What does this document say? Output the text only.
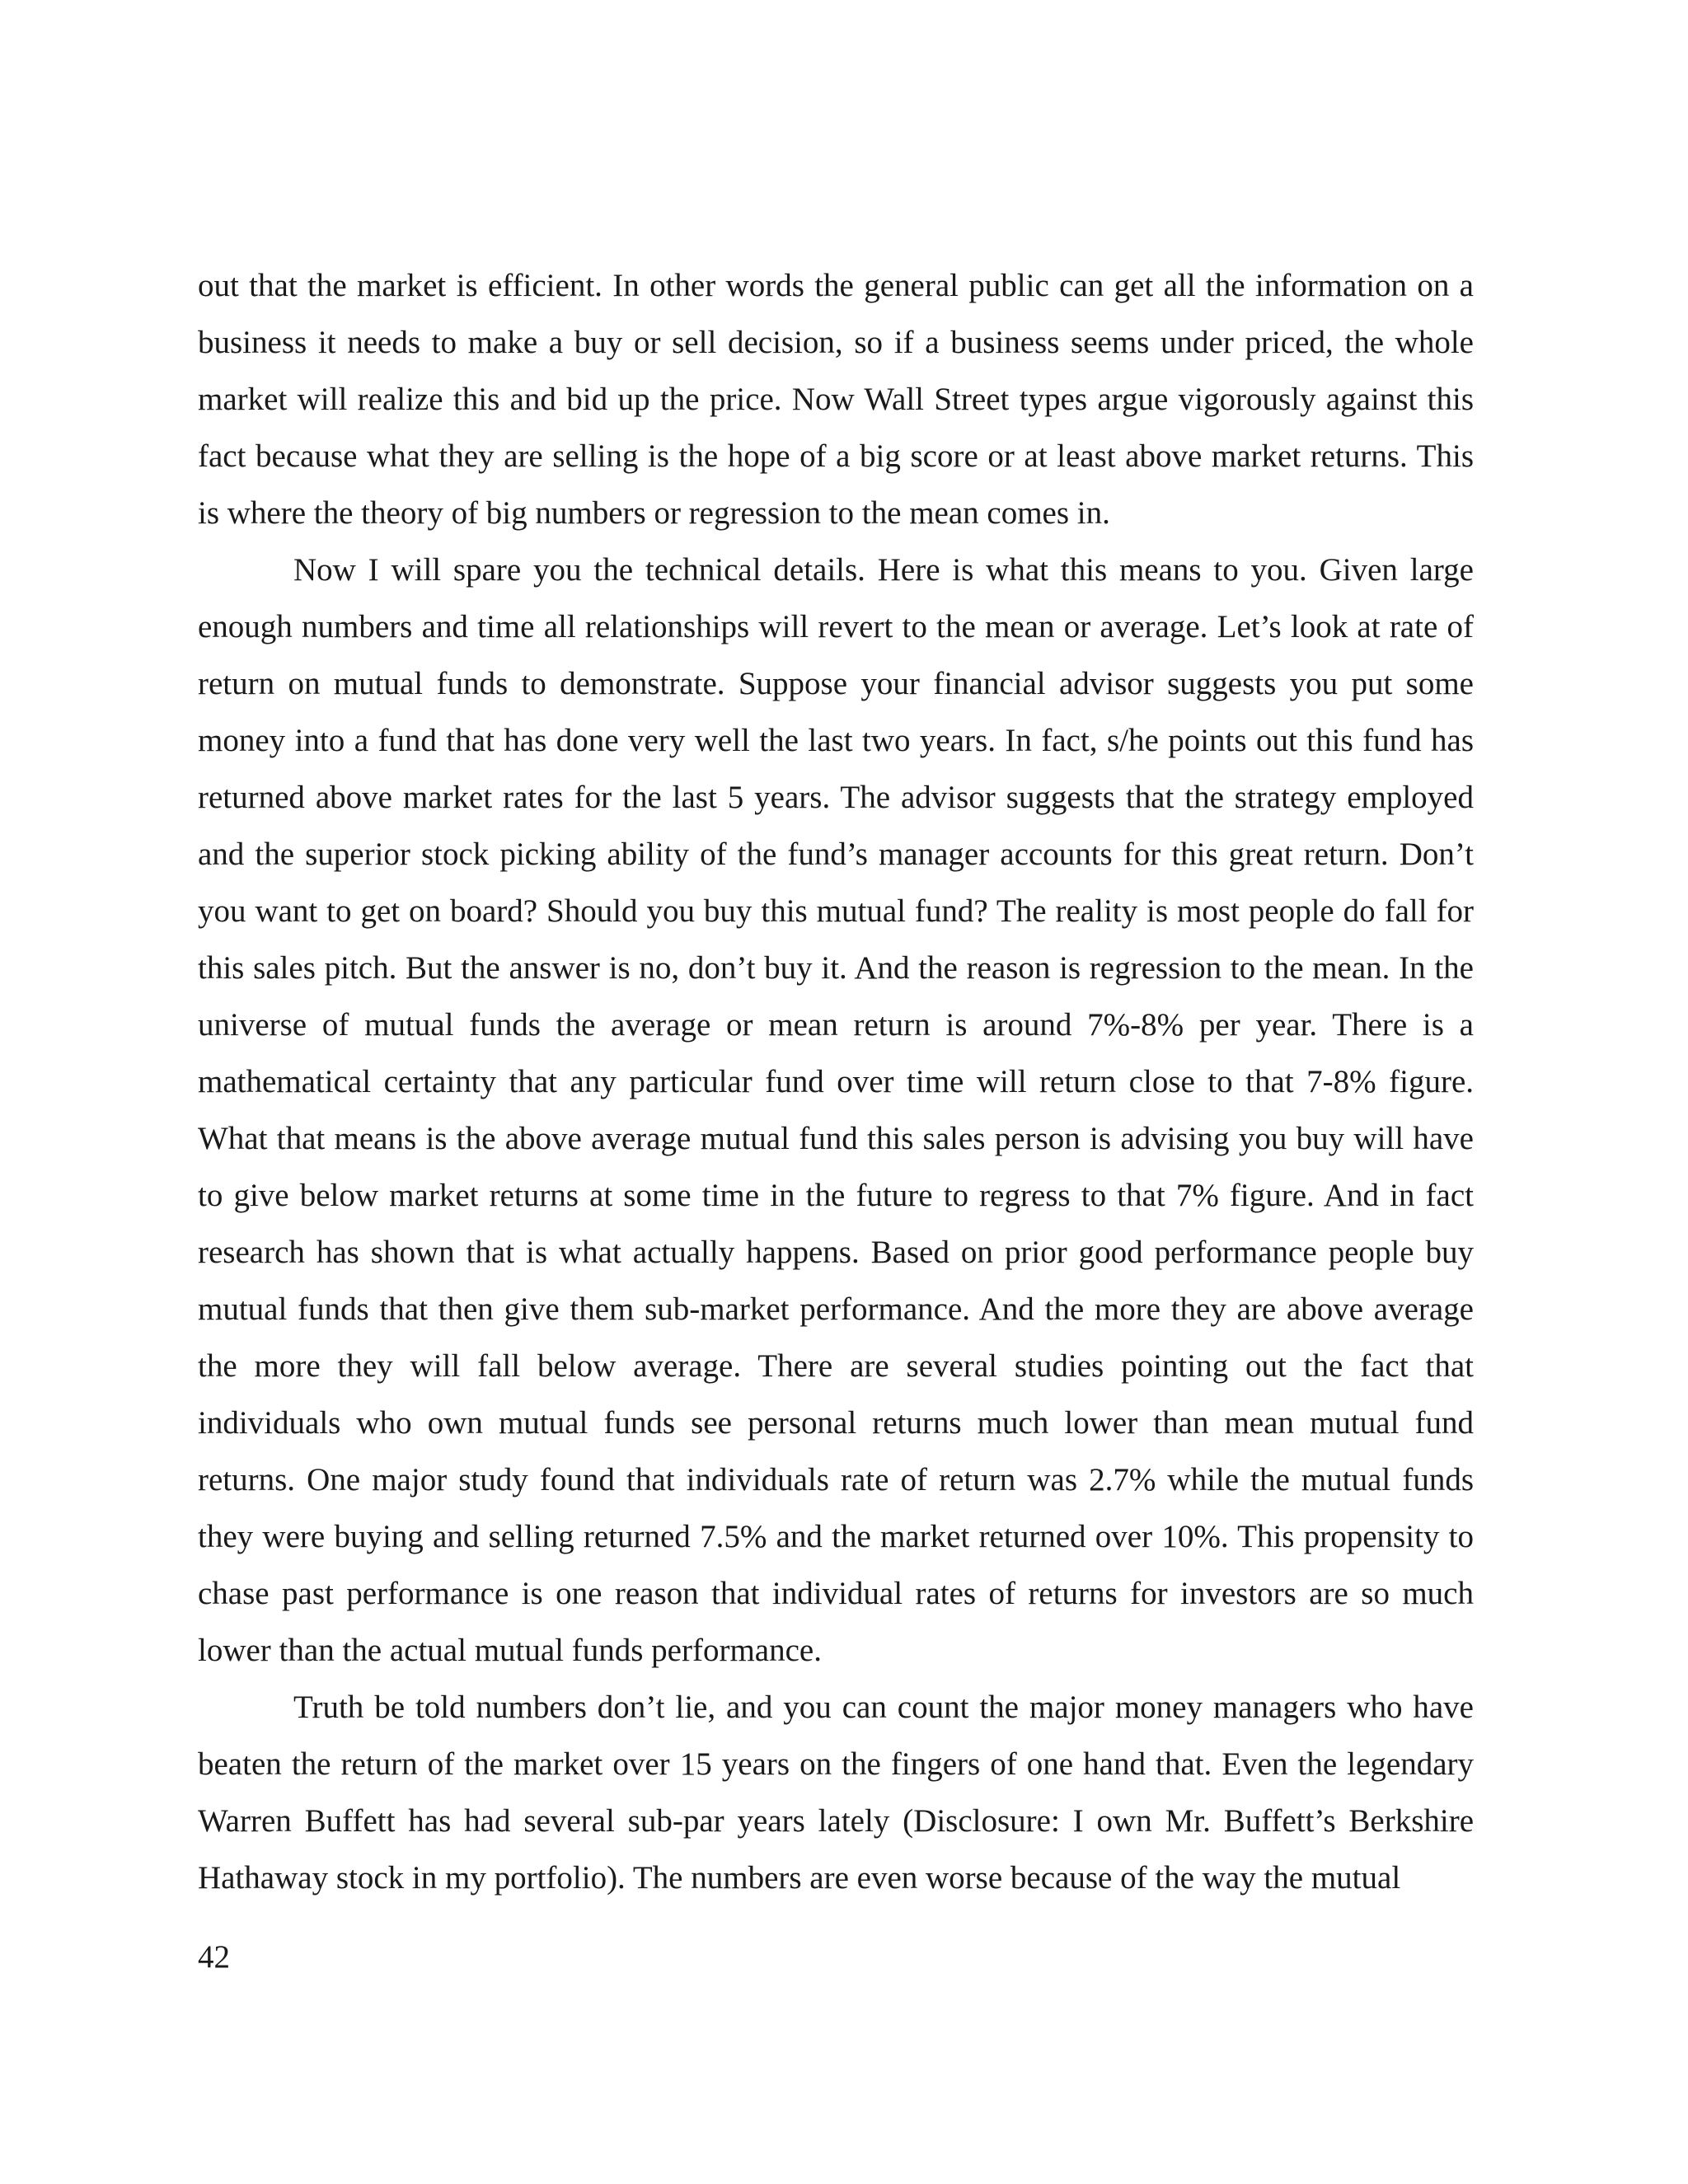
out that the market is efficient. In other words the general public can get all the information on a business it needs to make a buy or sell decision, so if a business seems under priced, the whole market will realize this and bid up the price. Now Wall Street types argue vigorously against this fact because what they are selling is the hope of a big score or at least above market returns. This is where the theory of big numbers or regression to the mean comes in.

Now I will spare you the technical details. Here is what this means to you. Given large enough numbers and time all relationships will revert to the mean or average. Let’s look at rate of return on mutual funds to demonstrate. Suppose your financial advisor suggests you put some money into a fund that has done very well the last two years. In fact, s/he points out this fund has returned above market rates for the last 5 years. The advisor suggests that the strategy employed and the superior stock picking ability of the fund’s manager accounts for this great return. Don’t you want to get on board? Should you buy this mutual fund? The reality is most people do fall for this sales pitch. But the answer is no, don’t buy it. And the reason is regression to the mean. In the universe of mutual funds the average or mean return is around 7%-8% per year. There is a mathematical certainty that any particular fund over time will return close to that 7-8% figure. What that means is the above average mutual fund this sales person is advising you buy will have to give below market returns at some time in the future to regress to that 7% figure. And in fact research has shown that is what actually happens. Based on prior good performance people buy mutual funds that then give them sub-market performance. And the more they are above average the more they will fall below average. There are several studies pointing out the fact that individuals who own mutual funds see personal returns much lower than mean mutual fund returns. One major study found that individuals rate of return was 2.7% while the mutual funds they were buying and selling returned 7.5% and the market returned over 10%. This propensity to chase past performance is one reason that individual rates of returns for investors are so much lower than the actual mutual funds performance.

Truth be told numbers don’t lie, and you can count the major money managers who have beaten the return of the market over 15 years on the fingers of one hand that. Even the legendary Warren Buffett has had several sub-par years lately (Disclosure: I own Mr. Buffett’s Berkshire Hathaway stock in my portfolio). The numbers are even worse because of the way the mutual

42
